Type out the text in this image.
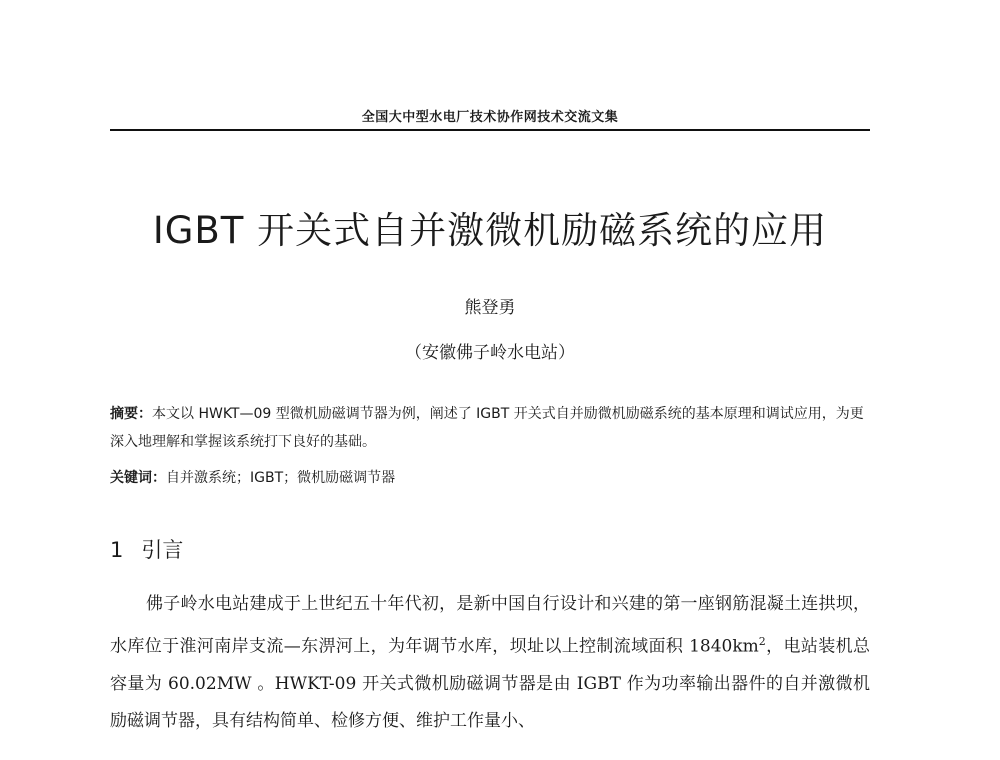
全国大中型水电厂技术协作网技术交流文集
IGBT 开关式自并激微机励磁系统的应用
熊登勇
（安徽佛子岭水电站）
摘要：本文以 HWKT—09 型微机励磁调节器为例，阐述了 IGBT 开关式自并励微机励磁系统的基本原理和调试应用，为更深入地理解和掌握该系统打下良好的基础。
关键词：自并激系统；IGBT；微机励磁调节器
1 引言

佛子岭水电站建成于上世纪五十年代初，是新中国自行设计和兴建的第一座钢筋混凝土连拱坝，水库位于淮河南岸支流—东淠河上，为年调节水库，坝址以上控制流域面积 $1840km^2$，电站装机总容量为 60.02MW 。HWKT-09 开关式微机励磁调节器是由 IGBT 作为功率输出器件的自并激微机励磁调节器，具有结构简单、检修方便、维护工作量小、
